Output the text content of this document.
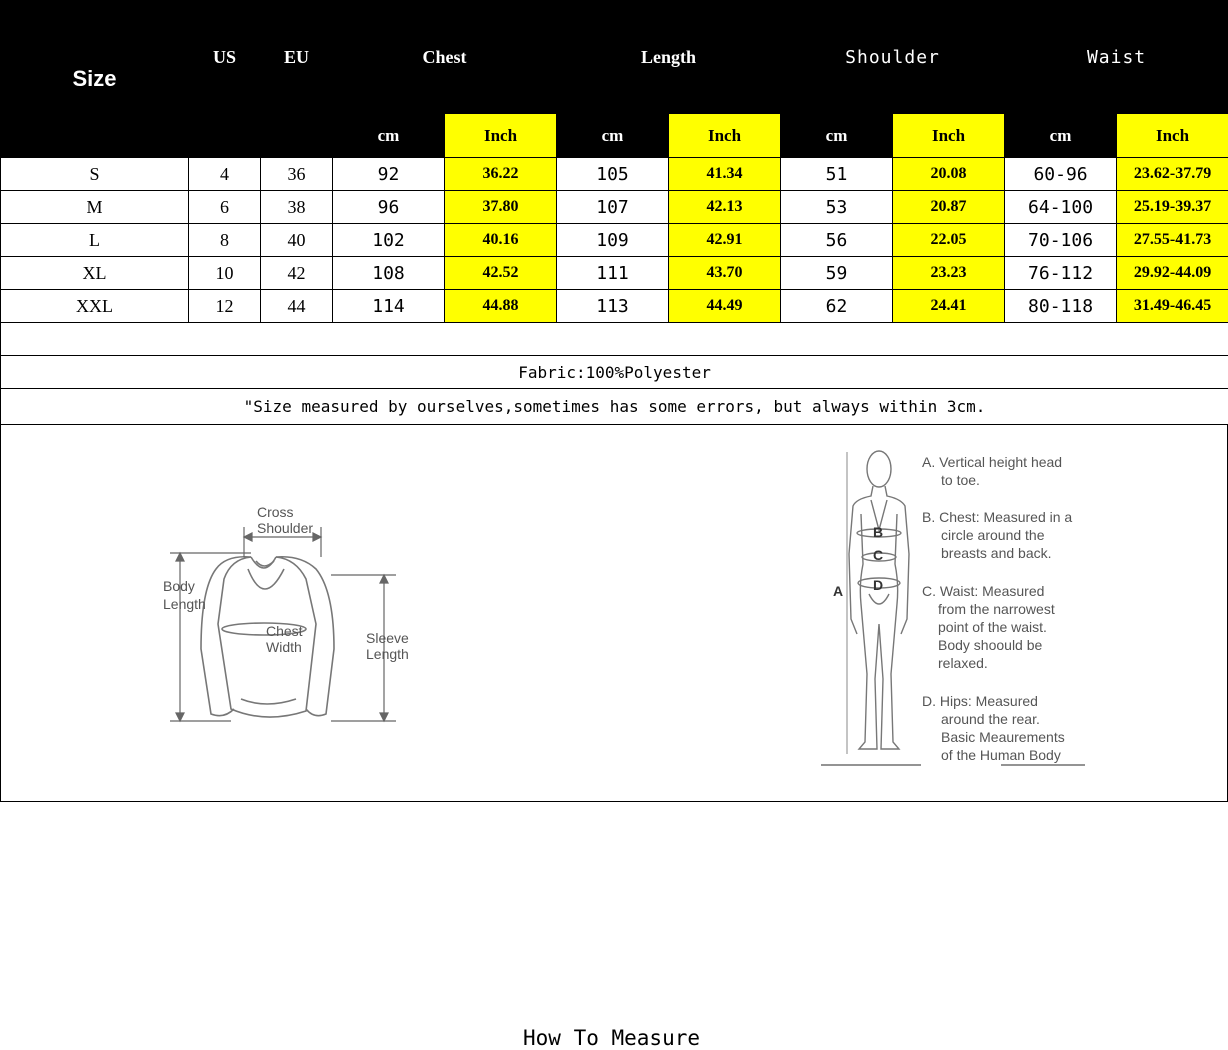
Size	US	EU	Chest		Length		Shoulder		Waist	
			cm	Inch	cm	Inch	cm	Inch	cm	Inch
S	4	36	92	36.22	105	41.34	51	20.08	60-96	23.62-37.79
M	6	38	96	37.80	107	42.13	53	20.87	64-100	25.19-39.37
L	8	40	102	40.16	109	42.91	56	22.05	70-106	27.55-41.73
XL	10	42	108	42.52	111	43.70	59	23.23	76-112	29.92-44.09
XXL	12	44	114	44.88	113	44.49	62	24.41	80-118	31.49-46.45

Fabric:100%Polyester										
"Size measured by ourselves,sometimes has some errors, but always within 3cm.										
Cross
Shoulder
Body
Length
Chest
Width
Sleeve
Length
How To Measure
B
C
D
A
A. Vertical height head
to toe.
B. Chest: Measured in a
circle around the
breasts and back.
C. Waist: Measured
from the narrowest
point of the waist.
Body shoould be
relaxed.
D. Hips: Measured
around the rear.
Basic Meaurements
of the Human Body
